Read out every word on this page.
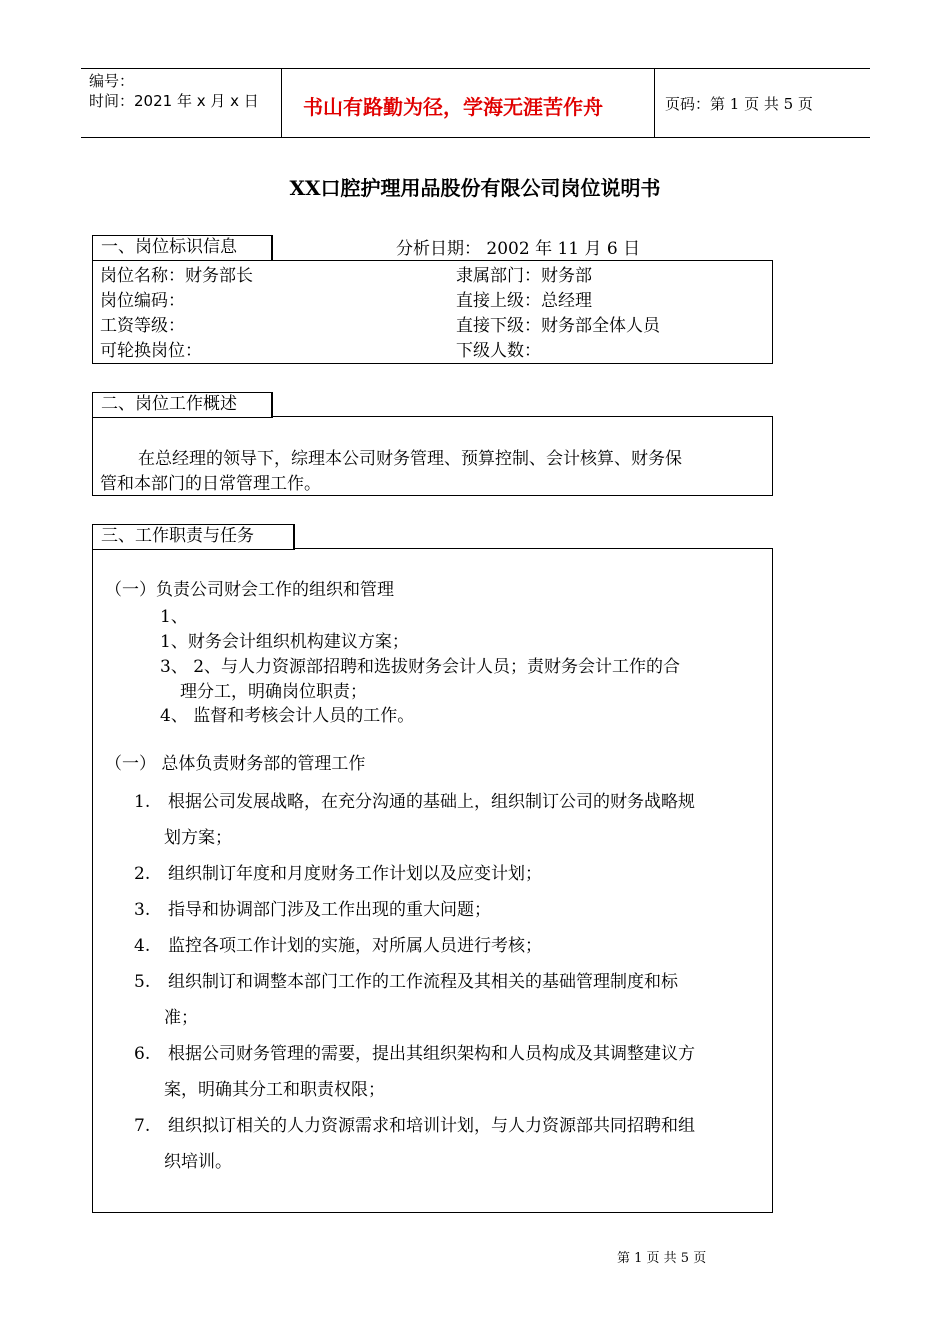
编号：
时间：2021 年 x 月 x 日 书山有路勤为径，学海无涯苦作舟	页码：第 1 页 共 5 页
XX口腔护理用品股份有限公司岗位说明书
一、岗位标识信息	分析日期： 2002 年 11 月 6 日
岗位名称：财务部长	隶属部门：财务部
岗位编码：	直接上级：总经理
工资等级：	直接下级：财务部全体人员
可轮换岗位：	下级人数：
二、岗位工作概述
在总经理的领导下，综理本公司财务管理、预算控制、会计核算、财务保
管和本部门的日常管理工作。
三、工作职责与任务
（一）负责公司财会工作的组织和管理
1、
1、财务会计组织机构建议方案；
3、 2、与人力资源部招聘和选拔财务会计人员；责财务会计工作的合
理分工，明确岗位职责；
4、 监督和考核会计人员的工作。
（一） 总体负责财务部的管理工作
1. 根据公司发展战略，在充分沟通的基础上，组织制订公司的财务战略规
划方案；
2. 组织制订年度和月度财务工作计划以及应变计划；
3. 指导和协调部门涉及工作出现的重大问题；
4. 监控各项工作计划的实施，对所属人员进行考核；
5. 组织制订和调整本部门工作的工作流程及其相关的基础管理制度和标
准；
6. 根据公司财务管理的需要，提出其组织架构和人员构成及其调整建议方
案，明确其分工和职责权限；
7. 组织拟订相关的人力资源需求和培训计划，与人力资源部共同招聘和组
织培训。
第 1 页 共 5 页
